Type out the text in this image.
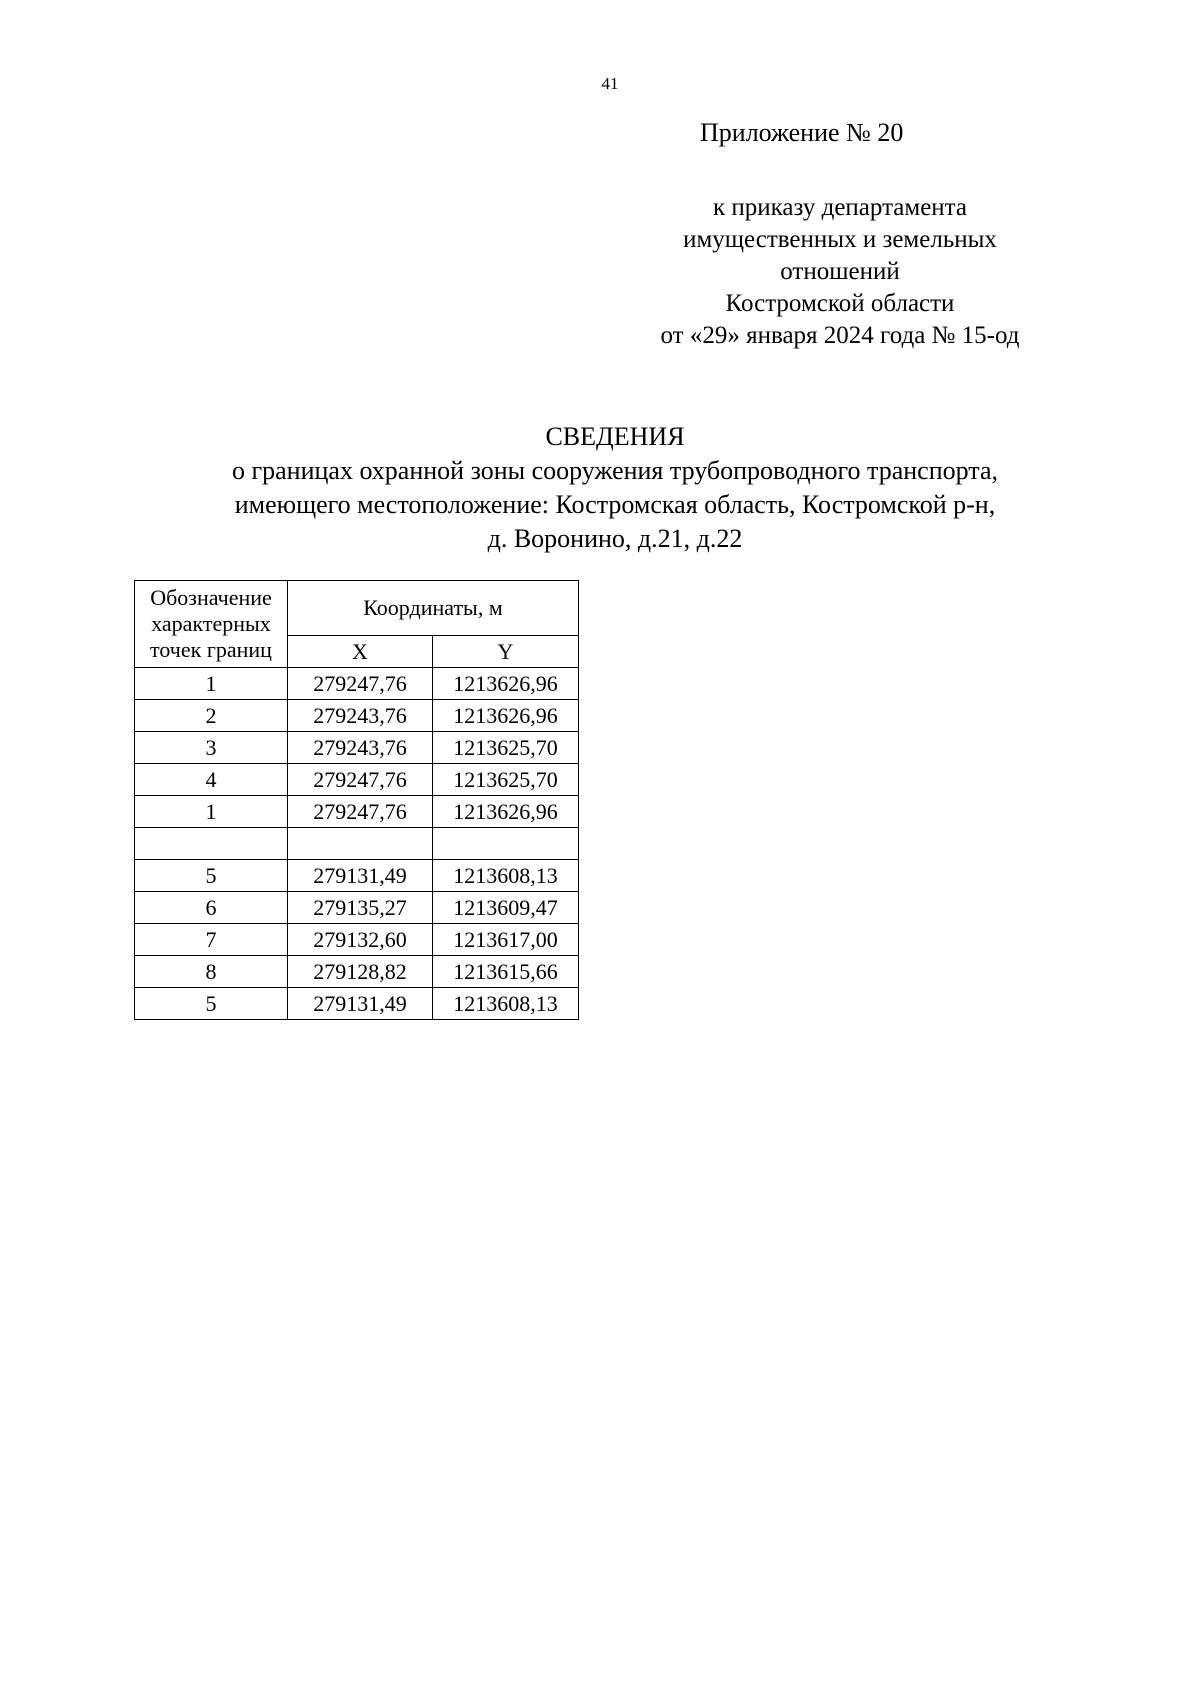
41
Приложение № 20
к приказу департамента
имущественных и земельных
отношений
Костромской области
от «29» января 2024 года № 15-од
СВЕДЕНИЯ
о границах охранной зоны сооружения трубопроводного транспорта,
имеющего местоположение: Костромская область, Костромской р-н,
д. Воронино, д.21, д.22
Обозначение
характерных
точек границ	Координаты, м	
	X	Y
1	279247,76	1213626,96
2	279243,76	1213626,96
3	279243,76	1213625,70
4	279247,76	1213625,70
1	279247,76	1213626,96

5	279131,49	1213608,13
6	279135,27	1213609,47
7	279132,60	1213617,00
8	279128,82	1213615,66
5	279131,49	1213608,13
